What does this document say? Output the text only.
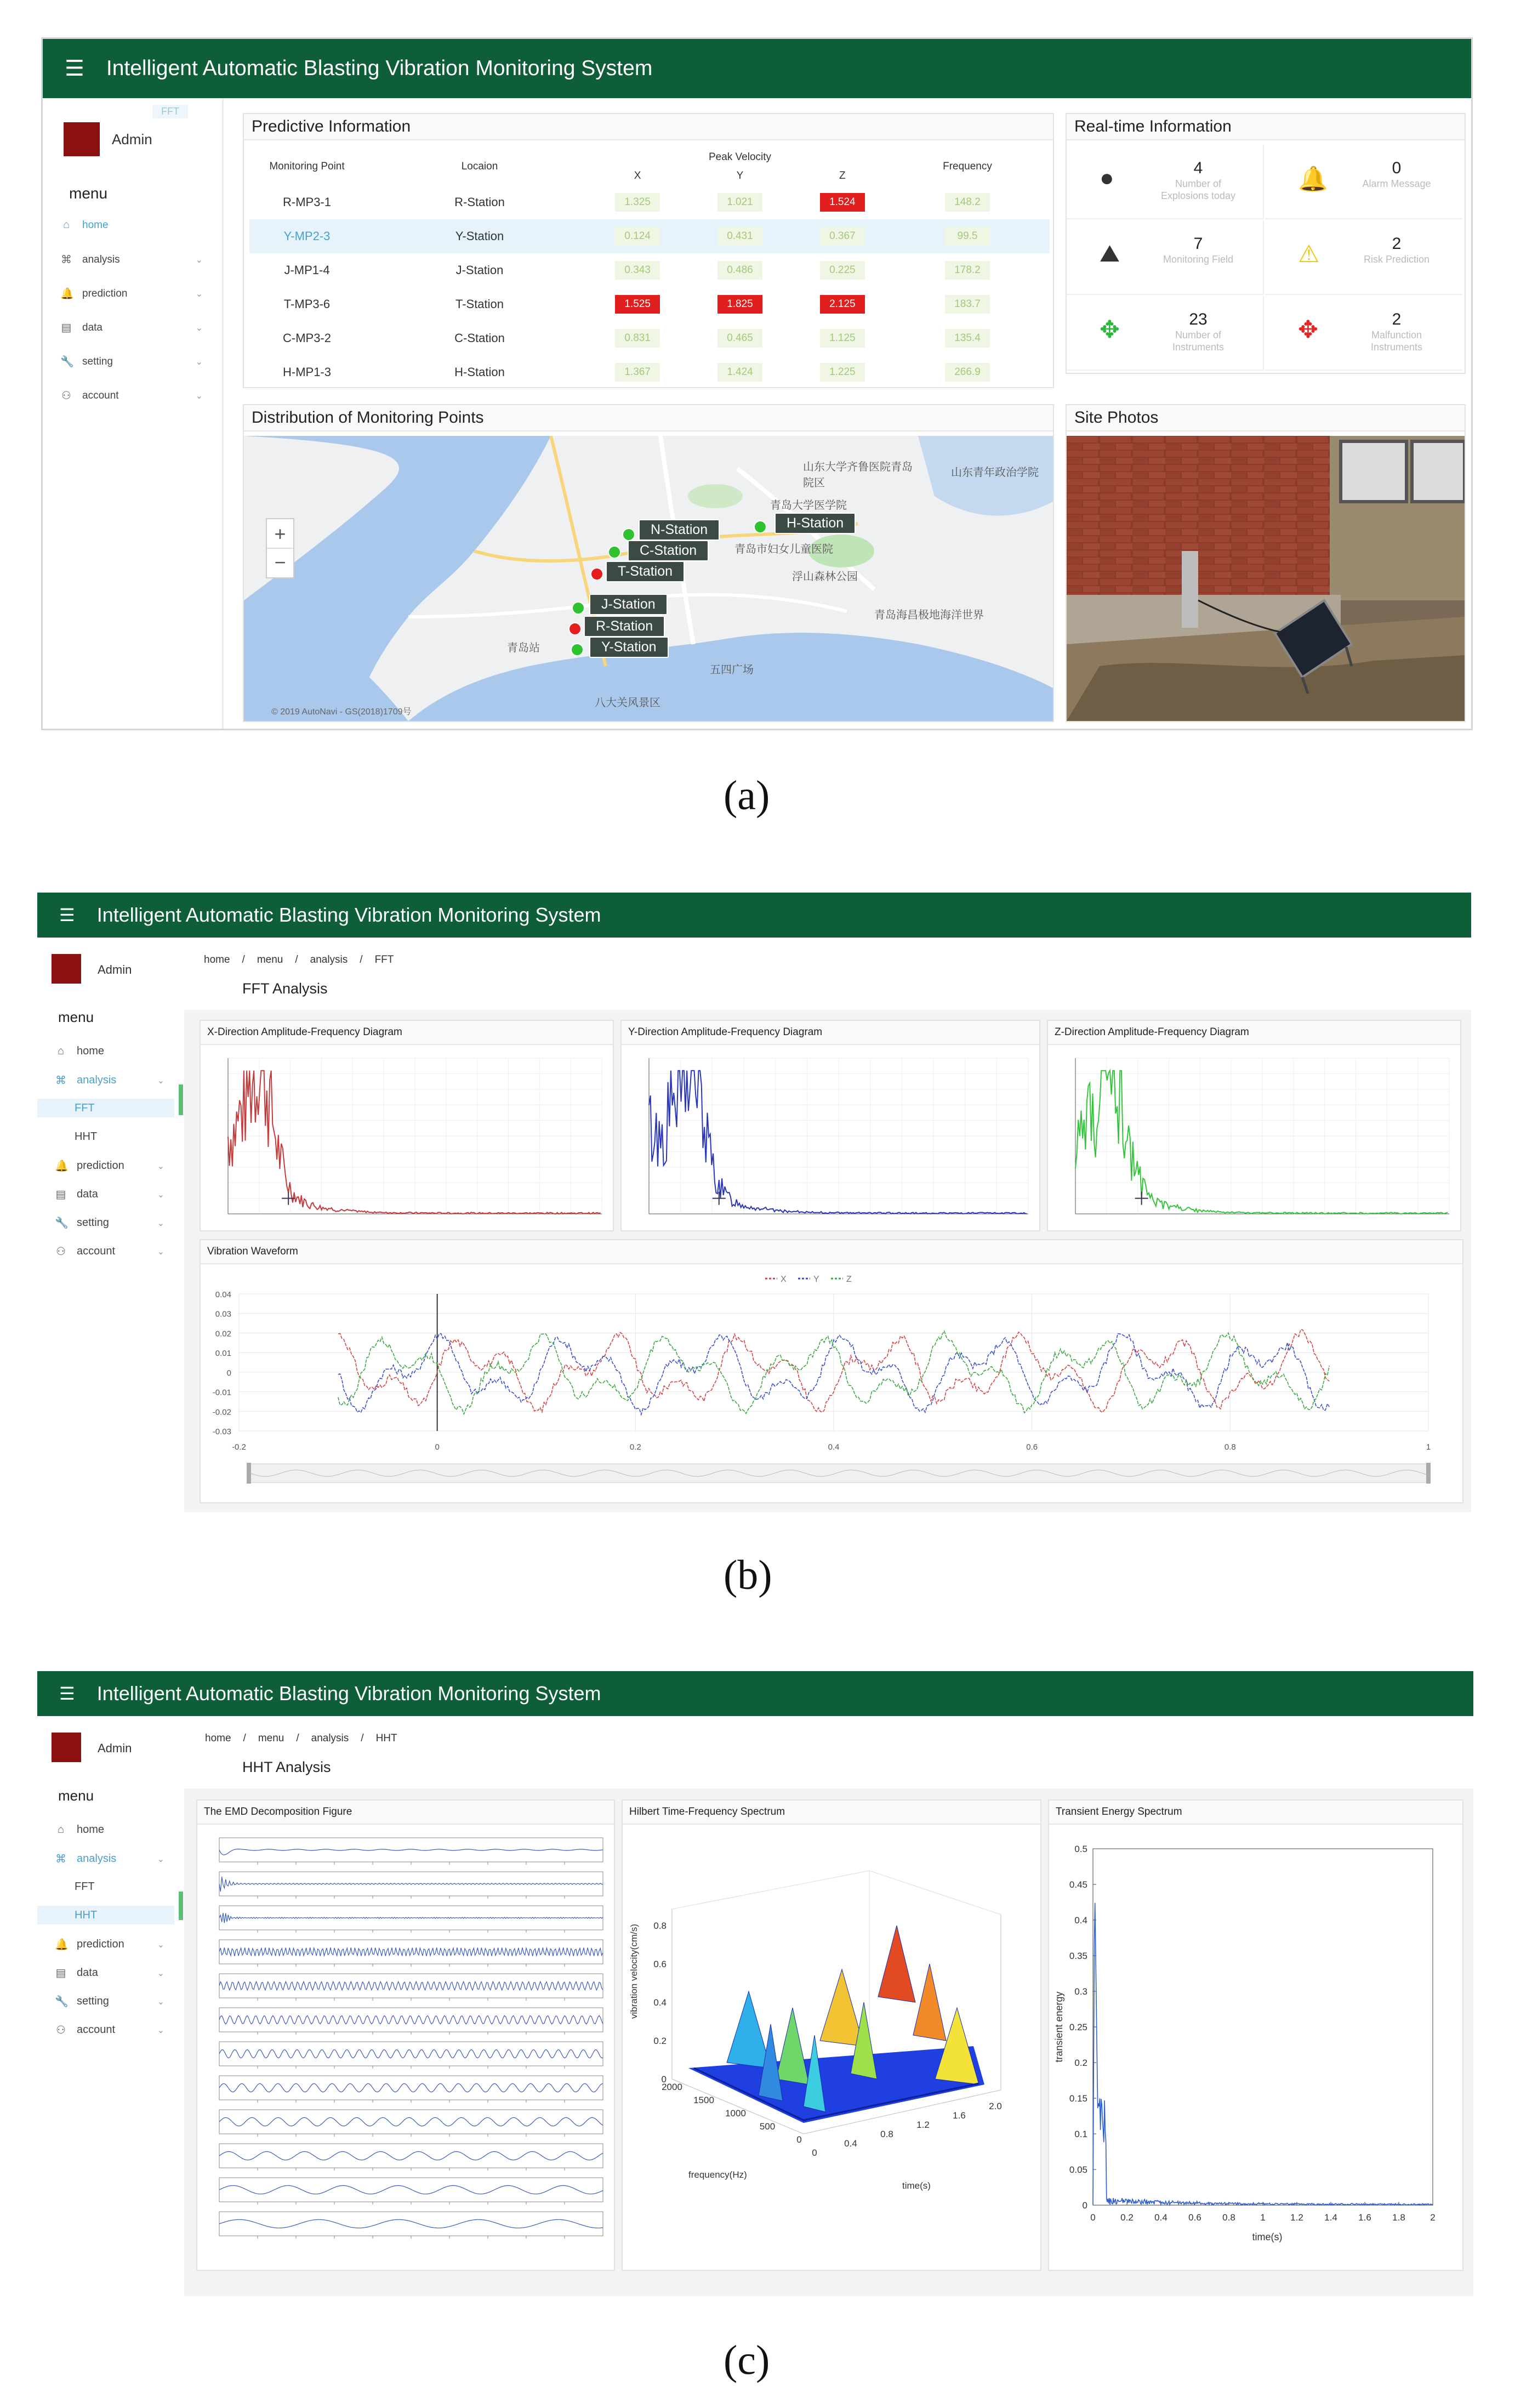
☰ Intelligent Automatic Blasting Vibration Monitoring System
FFT
Admin
menu
⌂ home
⌘ analysis	⌄
🔔 prediction	⌄
▤ data	⌄
🔧 setting	⌄
⚇ account	⌄
Predictive Information
Monitoring Point	Locaion		Peak Velocity		Frequency
		X	Y	Z	
R-MP3-1	R-Station	1.325	1.021	1.524	148.2
Y-MP2-3	Y-Station	0.124	0.431	0.367	99.5
J-MP1-4	J-Station	0.343	0.486	0.225	178.2
T-MP3-6	T-Station	1.525	1.825	2.125	183.7
C-MP3-2	C-Station	0.831	0.465	1.125	135.4
H-MP1-3	H-Station	1.367	1.424	1.225	266.9
Real-time Information
●	4
Number of
Explosions today
🔔	0
Alarm Message
⛰	7
Monitoring Field	⚠	2
Risk Prediction
✥	23
Number of
Instruments
✥	2
Malfunction
Instruments
Distribution of Monitoring Points
+
−
© 2019 AutoNavi - GS(2018)1709号
N-Station
C-Station
T-Station
H-Station
J-Station
R-Station
Y-Station
山东大学齐鲁医院青岛院区
青岛大学医学院
青岛市妇女儿童医院
浮山森林公园
五四广场
八大关风景区
青岛站
山东青年政治学院
青岛海昌极地海洋世界
Site Photos
(a)
☰ Intelligent Automatic Blasting Vibration Monitoring System
Admin
menu
⌂ home
⌘ analysis	⌄
FFT
HHT
🔔 prediction	⌄
▤ data	⌄
🔧 setting	⌄
⚇ account	⌄
home / menu / analysis / FFT
FFT Analysis
X-Direction Amplitude-Frequency Diagram	Y-Direction Amplitude-Frequency Diagram	Z-Direction Amplitude-Frequency Diagram
Vibration Waveform
X	Y	Z
0.04
0.03
0.02
0.01
0
-0.01
-0.02
-0.03
-0.2	0	0.2	0.4	0.6	0.8	1
(b)
☰ Intelligent Automatic Blasting Vibration Monitoring System
Admin
menu
⌂ home
⌘ analysis	⌄
FFT
HHT
🔔 prediction	⌄
▤ data	⌄
🔧 setting	⌄
⚇ account	⌄
home / menu / analysis / HHT
HHT Analysis
The EMD Decomposition Figure	Hilbert Time-Frequency Spectrum
0
0.2
0.4
0.6
0.8
vibration velocity(cm/s)
2000
1500
1000
500
0
frequency(Hz)
0
0.4
0.8
1.2
1.6
2.0
time(s)
Transient Energy Spectrum
0.5
0.45
0.4
0.35
0.3
0.25
0.2
0.15
0.1
0.05
0
0	0.2 0.4 0.6 0.8	1	1.2 1.4 1.6 1.8	2
time(s)
transient energy
(c)
